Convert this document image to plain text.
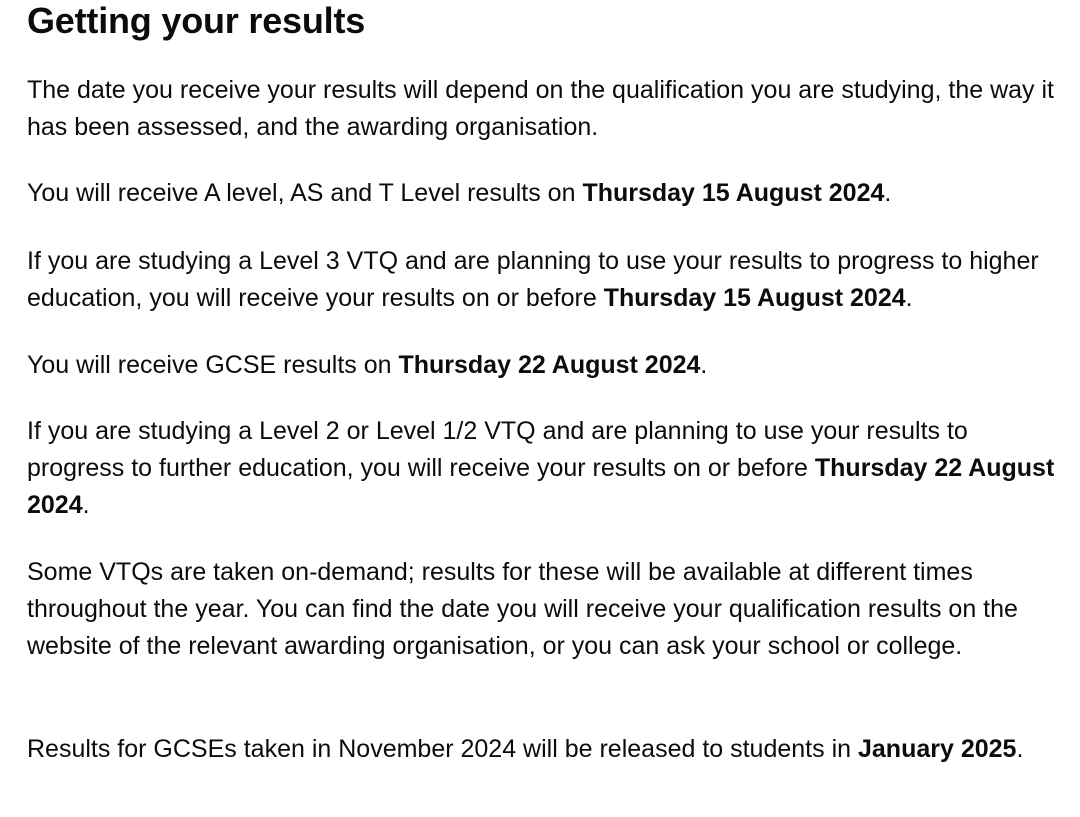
Getting your results

The date you receive your results will depend on the qualification you are studying, the way it has been assessed, and the awarding organisation.

You will receive A level, AS and T Level results on Thursday 15 August 2024.

If you are studying a Level 3 VTQ and are planning to use your results to progress to higher education, you will receive your results on or before Thursday 15 August 2024.

You will receive GCSE results on Thursday 22 August 2024.

If you are studying a Level 2 or Level 1/2 VTQ and are planning to use your results to progress to further education, you will receive your results on or before Thursday 22 August 2024.

Some VTQs are taken on-demand; results for these will be available at different times throughout the year. You can find the date you will receive your qualification results on the website of the relevant awarding organisation, or you can ask your school or college.

Results for GCSEs taken in November 2024 will be released to students in January 2025.
